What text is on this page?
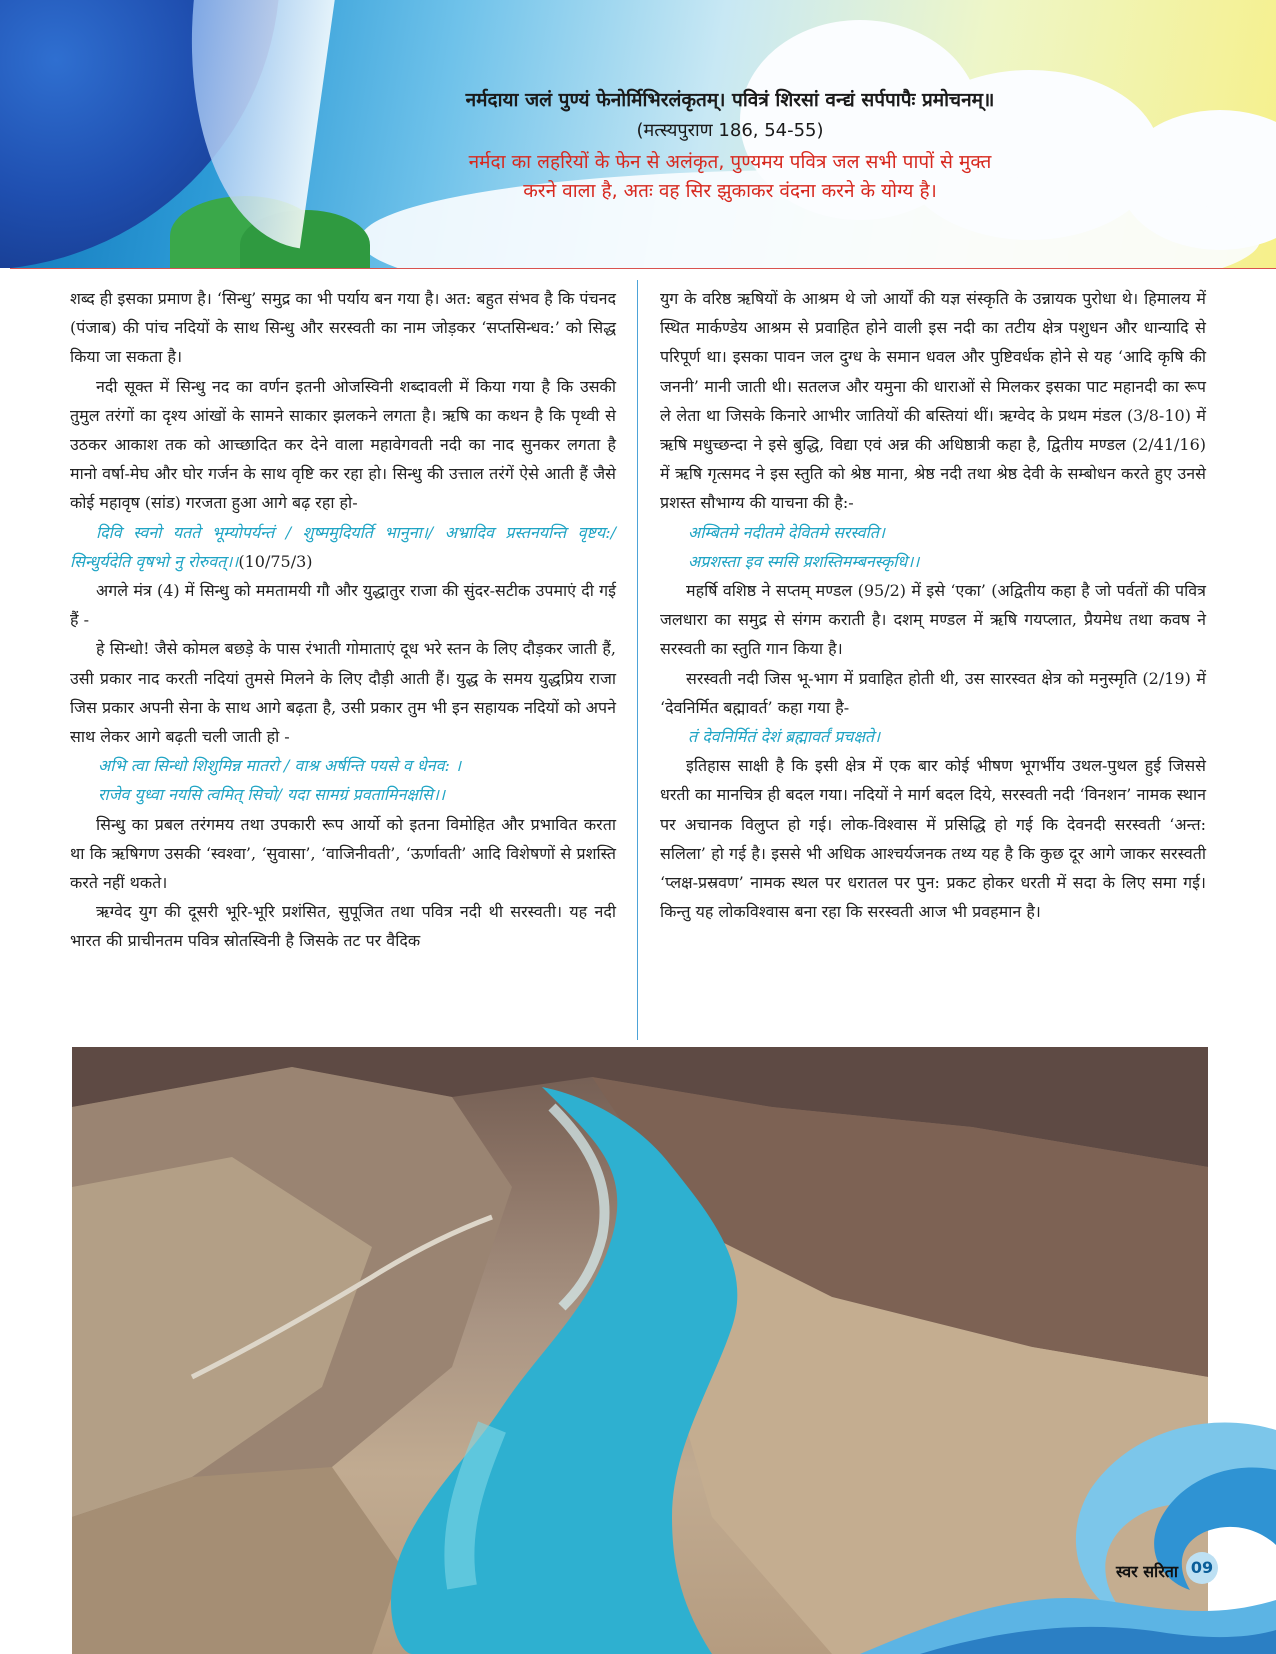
नर्मदाया जलं पुण्यं फेनोर्मिभिरलंकृतम्। पवित्रं शिरसां वन्द्यं सर्पपापैः प्रमोचनम्॥
(मत्स्यपुराण 186, 54-55)
नर्मदा का लहरियों के फेन से अलंकृत, पुण्यमय पवित्र जल सभी पापों से मुक्त
करने वाला है, अतः वह सिर झुकाकर वंदना करने के योग्य है।

शब्द ही इसका प्रमाण है। ‘सिन्धु’ समुद्र का भी पर्याय बन गया है। अत: बहुत संभव है कि पंचनद (पंजाब) की पांच नदियों के साथ सिन्धु और सरस्वती का नाम जोड़कर ‘सप्तसिन्धव:’ को सिद्ध किया जा सकता है।

नदी सूक्त में सिन्धु नद का वर्णन इतनी ओजस्विनी शब्दावली में किया गया है कि उसकी तुमुल तरंगों का दृश्य आंखों के सामने साकार झलकने लगता है। ऋषि का कथन है कि पृथ्वी से उठकर आकाश तक को आच्छादित कर देने वाला महावेगवती नदी का नाद सुनकर लगता है मानो वर्षा-मेघ और घोर गर्जन के साथ वृष्टि कर रहा हो। सिन्धु की उत्ताल तरंगें ऐसे आती हैं जैसे कोई महावृष (सांड) गरजता हुआ आगे बढ़ रहा हो-

दिवि स्वनो यतते भूम्योपर्यन्तं / शुष्ममुदियर्ति भानुना।/ अभ्रादिव प्रस्तनयन्ति वृष्टय:/ सिन्धुर्यदेति वृषभो नु रोरुवत्।।(10/75/3)

अगले मंत्र (4) में सिन्धु को ममतामयी गौ और युद्धातुर राजा की सुंदर-सटीक उपमाएं दी गई हैं -

हे सिन्धो! जैसे कोमल बछड़े के पास रंभाती गोमाताएं दूध भरे स्तन के लिए दौड़कर जाती हैं, उसी प्रकार नाद करती नदियां तुमसे मिलने के लिए दौड़ी आती हैं। युद्ध के समय युद्धप्रिय राजा जिस प्रकार अपनी सेना के साथ आगे बढ़ता है, उसी प्रकार तुम भी इन सहायक नदियों को अपने साथ लेकर आगे बढ़ती चली जाती हो -

अभि त्वा सिन्धो शिशुमिन्न मातरो / वाश्र अर्षन्ति पयसे व धेनव: ।
राजेव युध्वा नयसि त्वमित् सिचो/ यदा सामग्रं प्रवतामिनक्षसि।।

सिन्धु का प्रबल तरंगमय तथा उपकारी रूप आर्यो को इतना विमोहित और प्रभावित करता था कि ऋषिगण उसकी ‘स्वश्वा’, ‘सुवासा’, ‘वाजिनीवती’, ‘ऊर्णावती’ आदि विशेषणों से प्रशस्ति करते नहीं थकते।

ऋग्वेद युग की दूसरी भूरि-भूरि प्रशंसित, सुपूजित तथा पवित्र नदी थी सरस्वती। यह नदी भारत की प्राचीनतम पवित्र स्रोतस्विनी है जिसके तट पर वैदिक

युग के वरिष्ठ ऋषियों के आश्रम थे जो आर्यों की यज्ञ संस्कृति के उन्नायक पुरोधा थे। हिमालय में स्थित मार्कण्डेय आश्रम से प्रवाहित होने वाली इस नदी का तटीय क्षेत्र पशुधन और धान्यादि से परिपूर्ण था। इसका पावन जल दुग्ध के समान धवल और पुष्टिवर्धक होने से यह ‘आदि कृषि की जननी’ मानी जाती थी। सतलज और यमुना की धाराओं से मिलकर इसका पाट महानदी का रूप ले लेता था जिसके किनारे आभीर जातियों की बस्तियां थीं। ऋग्वेद के प्रथम मंडल (3/8-10) में ऋषि मधुच्छन्दा ने इसे बुद्धि, विद्या एवं अन्न की अधिष्ठात्री कहा है, द्वितीय मण्डल (2/41/16) में ऋषि गृत्समद ने इस स्तुति को श्रेष्ठ माना, श्रेष्ठ नदी तथा श्रेष्ठ देवी के सम्बोधन करते हुए उनसे प्रशस्त सौभाग्य की याचना की है:-

अम्बितमे नदीतमे देवितमे सरस्वति।
अप्रशस्ता इव स्मसि प्रशस्तिमम्बनस्कृधि।।

महर्षि वशिष्ठ ने सप्तम् मण्डल (95/2) में इसे ‘एका’ (अद्वितीय कहा है जो पर्वतों की पवित्र जलधारा का समुद्र से संगम कराती है। दशम् मण्डल में ऋषि गयप्लात, प्रैयमेध तथा कवष ने सरस्वती का स्तुति गान किया है।

सरस्वती नदी जिस भू-भाग में प्रवाहित होती थी, उस सारस्वत क्षेत्र को मनुस्मृति (2/19) में ‘देवनिर्मित बह्मावर्त’ कहा गया है-

तं देवनिर्मितं देशं ब्रह्मावर्तं प्रचक्षते।

इतिहास साक्षी है कि इसी क्षेत्र में एक बार कोई भीषण भूगर्भीय उथल-पुथल हुई जिससे धरती का मानचित्र ही बदल गया। नदियों ने मार्ग बदल दिये, सरस्वती नदी ‘विनशन’ नामक स्थान पर अचानक विलुप्त हो गई। लोक-विश्वास में प्रसिद्धि हो गई कि देवनदी सरस्वती ‘अन्त: सलिला’ हो गई है। इससे भी अधिक आश्चर्यजनक तथ्य यह है कि कुछ दूर आगे जाकर सरस्वती ‘प्लक्ष-प्रस्रवण’ नामक स्थल पर धरातल पर पुन: प्रकट होकर धरती में सदा के लिए समा गई। किन्तु यह लोकविश्वास बना रहा कि सरस्वती आज भी प्रवहमान है।

स्वर सरिता 09
